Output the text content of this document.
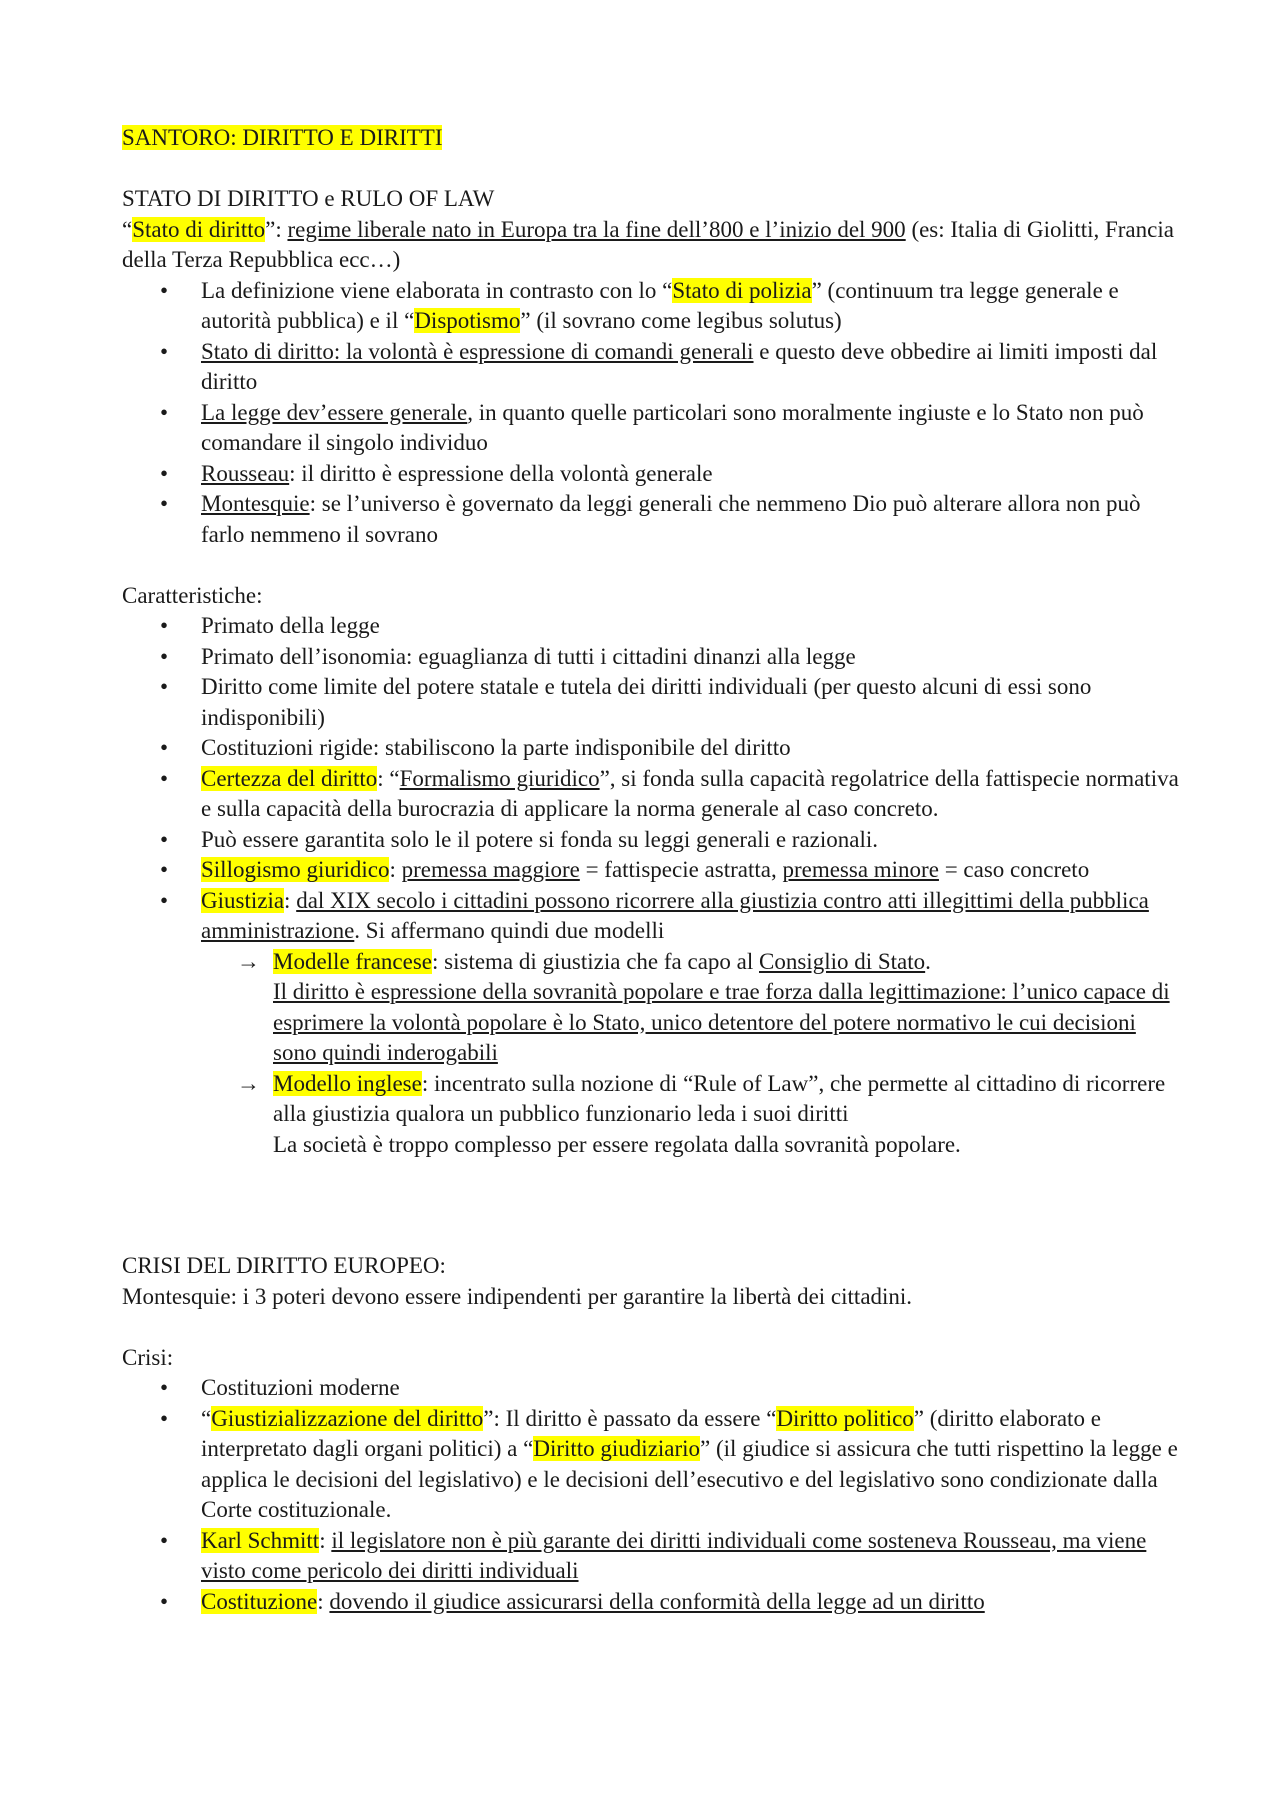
SANTORO: DIRITTO E DIRITTI

STATO DI DIRITTO e RULO OF LAW

“Stato di diritto”: regime liberale nato in Europa tra la fine dell’800 e l’inizio del 900 (es: Italia di Giolitti, Francia della Terza Repubblica ecc…)

• La definizione viene elaborata in contrasto con lo “Stato di polizia” (continuum tra legge generale e autorità pubblica) e il “Dispotismo” (il sovrano come legibus solutus)
• Stato di diritto: la volontà è espressione di comandi generali e questo deve obbedire ai limiti imposti dal diritto
• La legge dev’essere generale, in quanto quelle particolari sono moralmente ingiuste e lo Stato non può comandare il singolo individuo
• Rousseau: il diritto è espressione della volontà generale
• Montesquie: se l’universo è governato da leggi generali che nemmeno Dio può alterare allora non può farlo nemmeno il sovrano

Caratteristiche:

• Primato della legge
• Primato dell’isonomia: eguaglianza di tutti i cittadini dinanzi alla legge
• Diritto come limite del potere statale e tutela dei diritti individuali (per questo alcuni di essi sono indisponibili)
• Costituzioni rigide: stabiliscono la parte indisponibile del diritto
• Certezza del diritto: “Formalismo giuridico”, si fonda sulla capacità regolatrice della fattispecie normativa e sulla capacità della burocrazia di applicare la norma generale al caso concreto.
• Può essere garantita solo le il potere si fonda su leggi generali e razionali.
• Sillogismo giuridico: premessa maggiore = fattispecie astratta, premessa minore = caso concreto
• Giustizia: dal XIX secolo i cittadini possono ricorrere alla giustizia contro atti illegittimi della pubblica amministrazione. Si affermano quindi due modelli
→ Modelle francese: sistema di giustizia che fa capo al Consiglio di Stato.

Il diritto è espressione della sovranità popolare e trae forza dalla legittimazione: l’unico capace di esprimere la volontà popolare è lo Stato, unico detentore del potere normativo le cui decisioni sono quindi inderogabili

→ Modello inglese: incentrato sulla nozione di “Rule of Law”, che permette al cittadino di ricorrere alla giustizia qualora un pubblico funzionario leda i suoi diritti

La società è troppo complesso per essere regolata dalla sovranità popolare.

CRISI DEL DIRITTO EUROPEO:

Montesquie: i 3 poteri devono essere indipendenti per garantire la libertà dei cittadini.

Crisi:

• Costituzioni moderne
• “Giustizializzazione del diritto”: Il diritto è passato da essere “Diritto politico” (diritto elaborato e interpretato dagli organi politici) a “Diritto giudiziario” (il giudice si assicura che tutti rispettino la legge e applica le decisioni del legislativo) e le decisioni dell’esecutivo e del legislativo sono condizionate dalla Corte costituzionale.
• Karl Schmitt: il legislatore non è più garante dei diritti individuali come sosteneva Rousseau, ma viene visto come pericolo dei diritti individuali
• Costituzione: dovendo il giudice assicurarsi della conformità della legge ad un diritto
